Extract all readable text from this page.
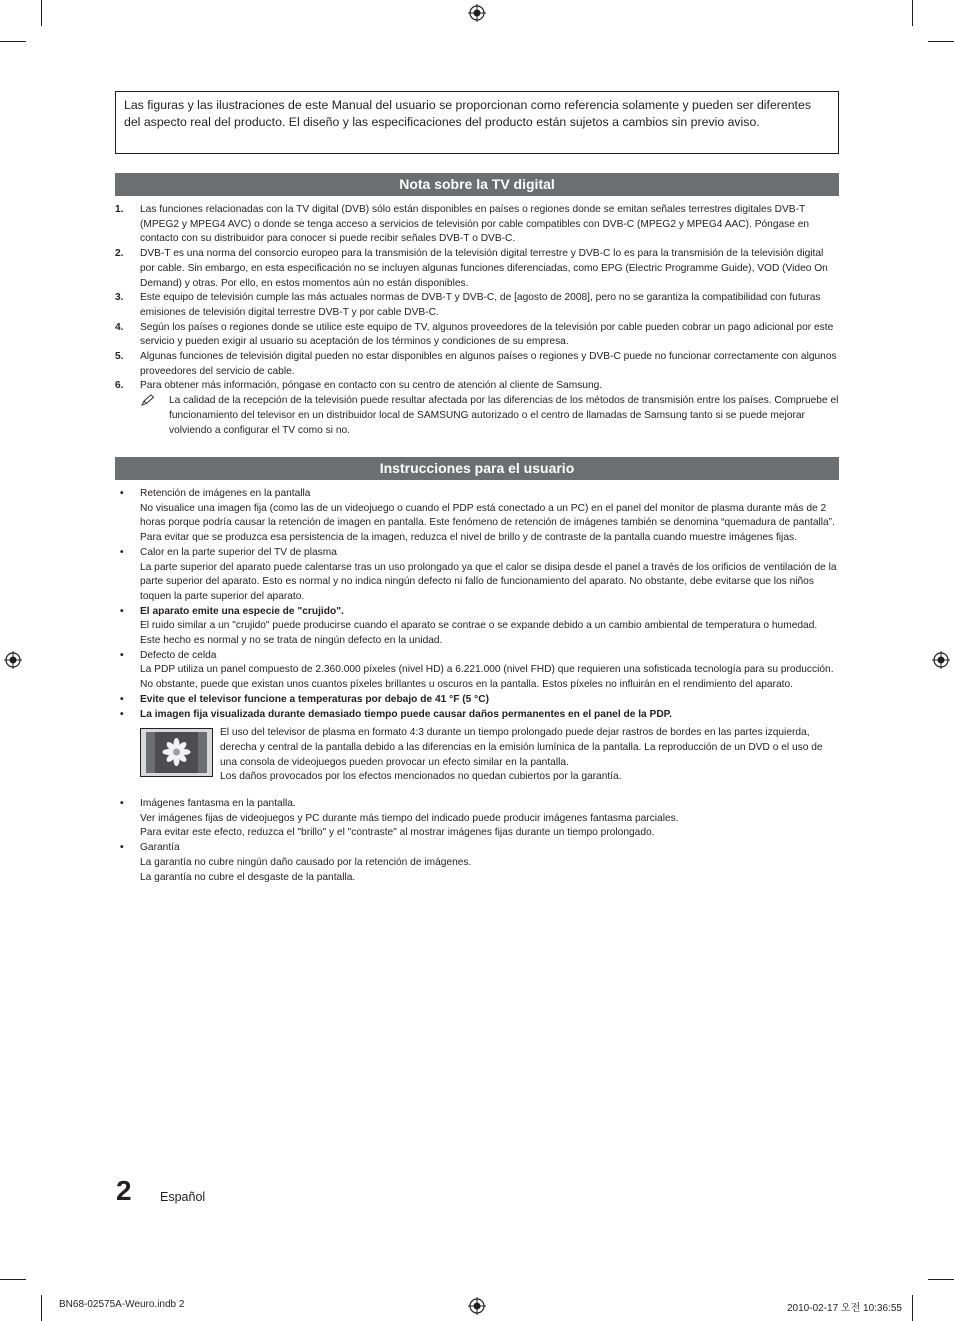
Las figuras y las ilustraciones de este Manual del usuario se proporcionan como referencia solamente y pueden ser diferentes del aspecto real del producto. El diseño y las especificaciones del producto están sujetos a cambios sin previo aviso.
Nota sobre la TV digital
1. Las funciones relacionadas con la TV digital (DVB) sólo están disponibles en países o regiones donde se emitan señales terrestres digitales DVB-T (MPEG2 y MPEG4 AVC) o donde se tenga acceso a servicios de televisión por cable compatibles con DVB-C (MPEG2 y MPEG4 AAC). Póngase en contacto con su distribuidor para conocer si puede recibir señales DVB-T o DVB-C.
2. DVB-T es una norma del consorcio europeo para la transmisión de la televisión digital terrestre y DVB-C lo es para la transmisión de la televisión digital por cable. Sin embargo, en esta especificación no se incluyen algunas funciones diferenciadas, como EPG (Electric Programme Guide), VOD (Video On Demand) y otras. Por ello, en estos momentos aún no están disponibles.
3. Este equipo de televisión cumple las más actuales normas de DVB-T y DVB-C, de [agosto de 2008], pero no se garantiza la compatibilidad con futuras emisiones de televisión digital terrestre DVB-T y por cable DVB-C.
4. Según los países o regiones donde se utilice este equipo de TV, algunos proveedores de la televisión por cable pueden cobrar un pago adicional por este servicio y pueden exigir al usuario su aceptación de los términos y condiciones de su empresa.
5. Algunas funciones de televisión digital pueden no estar disponibles en algunos países o regiones y DVB-C puede no funcionar correctamente con algunos proveedores del servicio de cable.
6. Para obtener más información, póngase en contacto con su centro de atención al cliente de Samsung.
La calidad de la recepción de la televisión puede resultar afectada por las diferencias de los métodos de transmisión entre los países. Compruebe el funcionamiento del televisor en un distribuidor local de SAMSUNG autorizado o el centro de llamadas de Samsung tanto si se puede mejorar volviendo a configurar el TV como si no.
Instrucciones para el usuario
• Retención de imágenes en la pantalla
No visualice una imagen fija (como las de un videojuego o cuando el PDP está conectado a un PC) en el panel del monitor de plasma durante más de 2 horas porque podría causar la retención de imagen en pantalla. Este fenómeno de retención de imágenes también se denomina “quemadura de pantalla”. Para evitar que se produzca esa persistencia de la imagen, reduzca el nivel de brillo y de contraste de la pantalla cuando muestre imágenes fijas.
• Calor en la parte superior del TV de plasma
La parte superior del aparato puede calentarse tras un uso prolongado ya que el calor se disipa desde el panel a través de los orificios de ventilación de la parte superior del aparato. Esto es normal y no indica ningún defecto ni fallo de funcionamiento del aparato. No obstante, debe evitarse que los niños toquen la parte superior del aparato.
• El aparato emite una especie de "crujido".
El ruido similar a un "crujido" puede producirse cuando el aparato se contrae o se expande debido a un cambio ambiental de temperatura o humedad. Este hecho es normal y no se trata de ningún defecto en la unidad.
• Defecto de celda
La PDP utiliza un panel compuesto de 2.360.000 píxeles (nivel HD) a 6.221.000 (nivel FHD) que requieren una sofisticada tecnología para su producción. No obstante, puede que existan unos cuantos píxeles brillantes u oscuros en la pantalla. Estos píxeles no influirán en el rendimiento del aparato.
• Evite que el televisor funcione a temperaturas por debajo de 41 °F (5 °C)
• La imagen fija visualizada durante demasiado tiempo puede causar daños permanentes en el panel de la PDP.
El uso del televisor de plasma en formato 4:3 durante un tiempo prolongado puede dejar rastros de bordes en las partes izquierda, derecha y central de la pantalla debido a las diferencias en la emisión lumínica de la pantalla. La reproducción de un DVD o el uso de una consola de videojuegos pueden provocar un efecto similar en la pantalla.
Los daños provocados por los efectos mencionados no quedan cubiertos por la garantía.
• Imágenes fantasma en la pantalla.
Ver imágenes fijas de videojuegos y PC durante más tiempo del indicado puede producir imágenes fantasma parciales.
Para evitar este efecto, reduzca el "brillo" y el "contraste" al mostrar imágenes fijas durante un tiempo prolongado.
• Garantía
La garantía no cubre ningún daño causado por la retención de imágenes.
La garantía no cubre el desgaste de la pantalla.
2 Español
BN68-02575A-Weuro.indb 2	2010-02-17 오전 10:36:55
